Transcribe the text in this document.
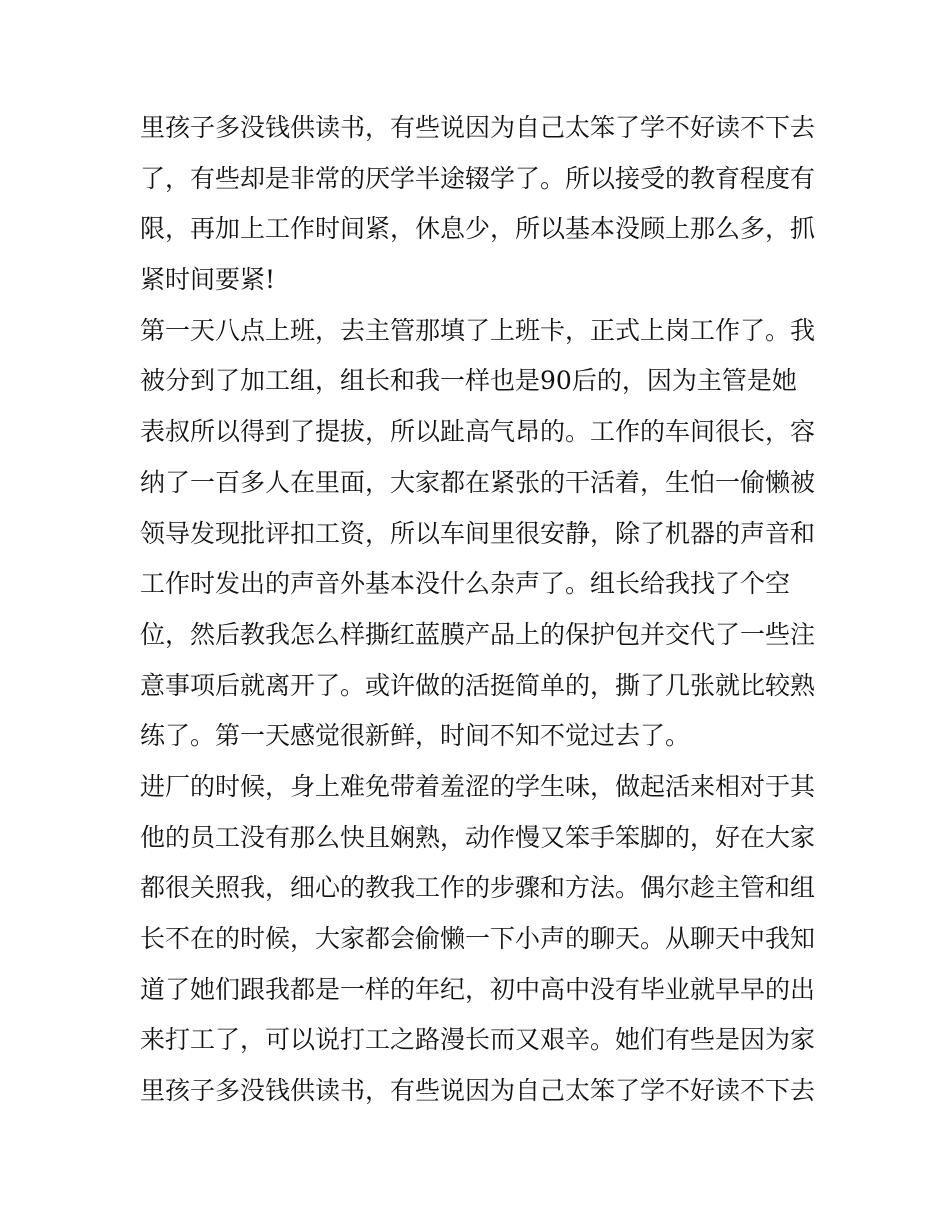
里孩子多没钱供读书，有些说因为自己太笨了学不好读不下去
了，有些却是非常的厌学半途辍学了。所以接受的教育程度有
限，再加上工作时间紧，休息少，所以基本没顾上那么多，抓
紧时间要紧!
第一天八点上班，去主管那填了上班卡，正式上岗工作了。我
被分到了加工组，组长和我一样也是90后的，因为主管是她
表叔所以得到了提拔，所以趾高气昂的。工作的车间很长，容
纳了一百多人在里面，大家都在紧张的干活着，生怕一偷懒被
领导发现批评扣工资，所以车间里很安静，除了机器的声音和
工作时发出的声音外基本没什么杂声了。组长给我找了个空
位，然后教我怎么样撕红蓝膜产品上的保护包并交代了一些注
意事项后就离开了。或许做的活挺简单的，撕了几张就比较熟
练了。第一天感觉很新鲜，时间不知不觉过去了。
进厂的时候，身上难免带着羞涩的学生味，做起活来相对于其
他的员工没有那么快且娴熟，动作慢又笨手笨脚的，好在大家
都很关照我，细心的教我工作的步骤和方法。偶尔趁主管和组
长不在的时候，大家都会偷懒一下小声的聊天。从聊天中我知
道了她们跟我都是一样的年纪，初中高中没有毕业就早早的出
来打工了，可以说打工之路漫长而又艰辛。她们有些是因为家
里孩子多没钱供读书，有些说因为自己太笨了学不好读不下去
